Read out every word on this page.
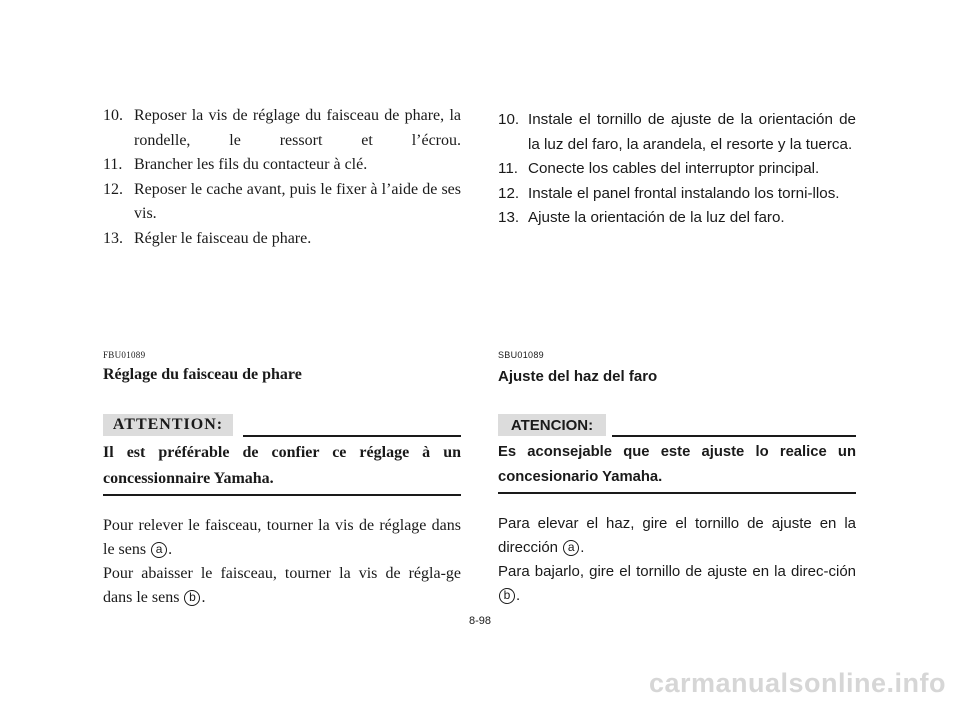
10. Reposer la vis de réglage du faisceau de phare, la rondelle, le ressort et l’écrou.
11. Brancher les fils du contacteur à clé.
12. Reposer le cache avant, puis le fixer à l’aide de ses vis.
13. Régler le faisceau de phare.
FBU01089
Réglage du faisceau de phare
ATTENTION:
Il est préférable de confier ce réglage à un concessionnaire Yamaha.
Pour relever le faisceau, tourner la vis de réglage dans le sens a .
Pour abaisser le faisceau, tourner la vis de régla-ge dans le sens b .
10. Instale el tornillo de ajuste de la orientación de la luz del faro, la arandela, el resorte y la tuerca.
11. Conecte los cables del interruptor principal.
12. Instale el panel frontal instalando los torni-llos.
13. Ajuste la orientación de la luz del faro.
SBU01089
Ajuste del haz del faro
ATENCION:
Es aconsejable que este ajuste lo realice un concesionario Yamaha.
Para elevar el haz, gire el tornillo de ajuste en la dirección a .
Para bajarlo, gire el tornillo de ajuste en la direc-ción b .
8-98
carmanualsonline.info
